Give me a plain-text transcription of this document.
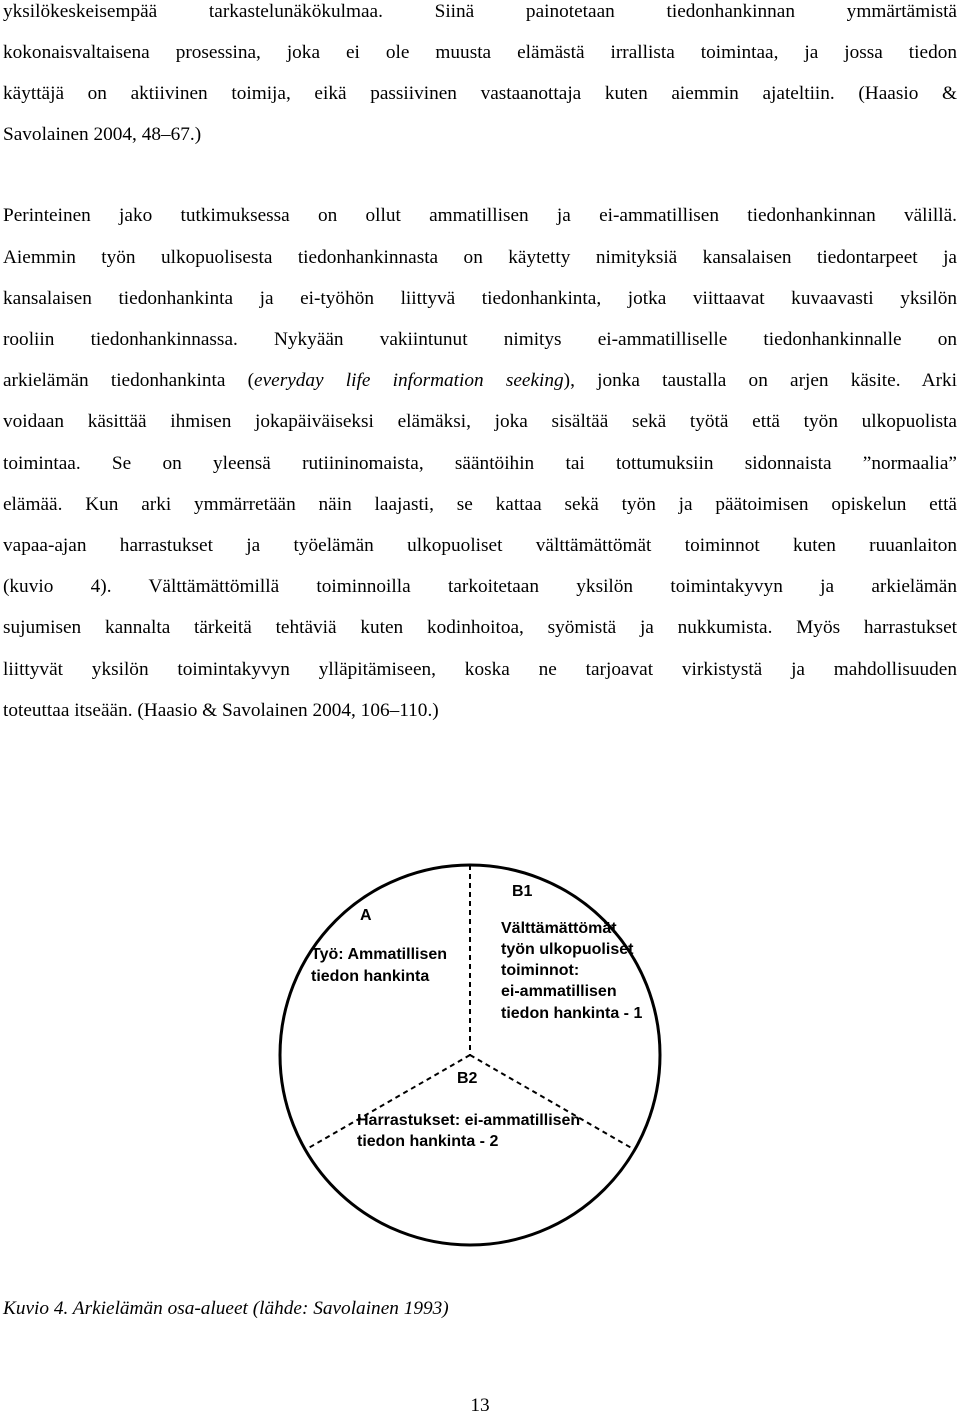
yksilökeskeisempää tarkastelunäkökulmaa. Siinä painotetaan tiedonhankinnan ymmärtämistä
kokonaisvaltaisena prosessina, joka ei ole muusta elämästä irrallista toimintaa, ja jossa tiedon
käyttäjä on aktiivinen toimija, eikä passiivinen vastaanottaja kuten aiemmin ajateltiin. (Haasio &
Savolainen 2004, 48–67.)
Perinteinen jako tutkimuksessa on ollut ammatillisen ja ei-ammatillisen tiedonhankinnan välillä.
Aiemmin työn ulkopuolisesta tiedonhankinnasta on käytetty nimityksiä kansalaisen tiedontarpeet ja
kansalaisen tiedonhankinta ja ei-työhön liittyvä tiedonhankinta, jotka viittaavat kuvaavasti yksilön
rooliin tiedonhankinnassa. Nykyään vakiintunut nimitys ei-ammatilliselle tiedonhankinnalle on
arkielämän tiedonhankinta (everyday life information seeking), jonka taustalla on arjen käsite. Arki
voidaan käsittää ihmisen jokapäiväiseksi elämäksi, joka sisältää sekä työtä että työn ulkopuolista
toimintaa. Se on yleensä rutiininomaista, sääntöihin tai tottumuksiin sidonnaista ”normaalia”
elämää. Kun arki ymmärretään näin laajasti, se kattaa sekä työn ja päätoimisen opiskelun että
vapaa-ajan harrastukset ja työelämän ulkopuoliset välttämättömät toiminnot kuten ruuanlaiton
(kuvio 4). Välttämättömillä toiminnoilla tarkoitetaan yksilön toimintakyvyn ja arkielämän
sujumisen kannalta tärkeitä tehtäviä kuten kodinhoitoa, syömistä ja nukkumista. Myös harrastukset
liittyvät yksilön toimintakyvyn ylläpitämiseen, koska ne tarjoavat virkistystä ja mahdollisuuden
toteuttaa itseään. (Haasio & Savolainen 2004, 106–110.)
A
Työ: Ammatillisen
tiedon hankinta
B1
Välttämättömät
työn ulkopuoliset
toiminnot:
ei-ammatillisen
tiedon hankinta - 1
B2
Harrastukset: ei-ammatillisen
tiedon hankinta - 2
Kuvio 4. Arkielämän osa-alueet (lähde: Savolainen 1993)
13
